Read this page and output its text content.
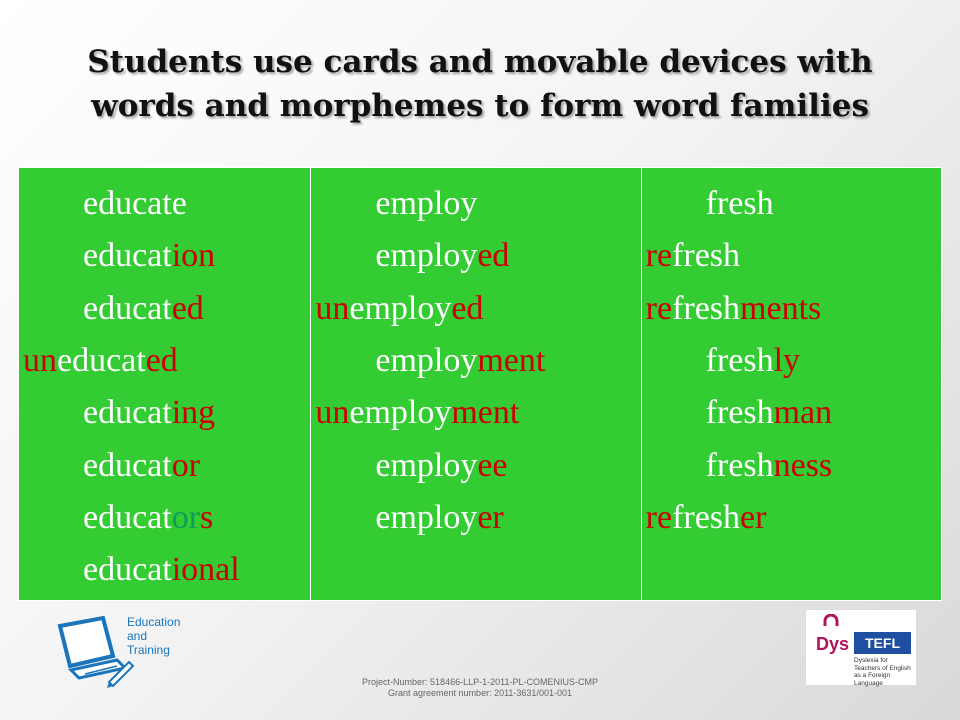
Students use cards and movable devices with
words and morphemes to form word families
educate
education
educated
uneducated
educating
educator
educators
educational
employ
employed
unemployed
employment
unemployment
employee
employer
fresh
refresh
refreshments
freshly
freshman
freshness
refresher
Education
and
Training
Project-Number: 518466-LLP-1-2011-PL-COMENIUS-CMP
Grant agreement number: 2011-3631/001-001
Dys	TEFL
Dyslexia for
Teachers of English
as a Foreign Language
